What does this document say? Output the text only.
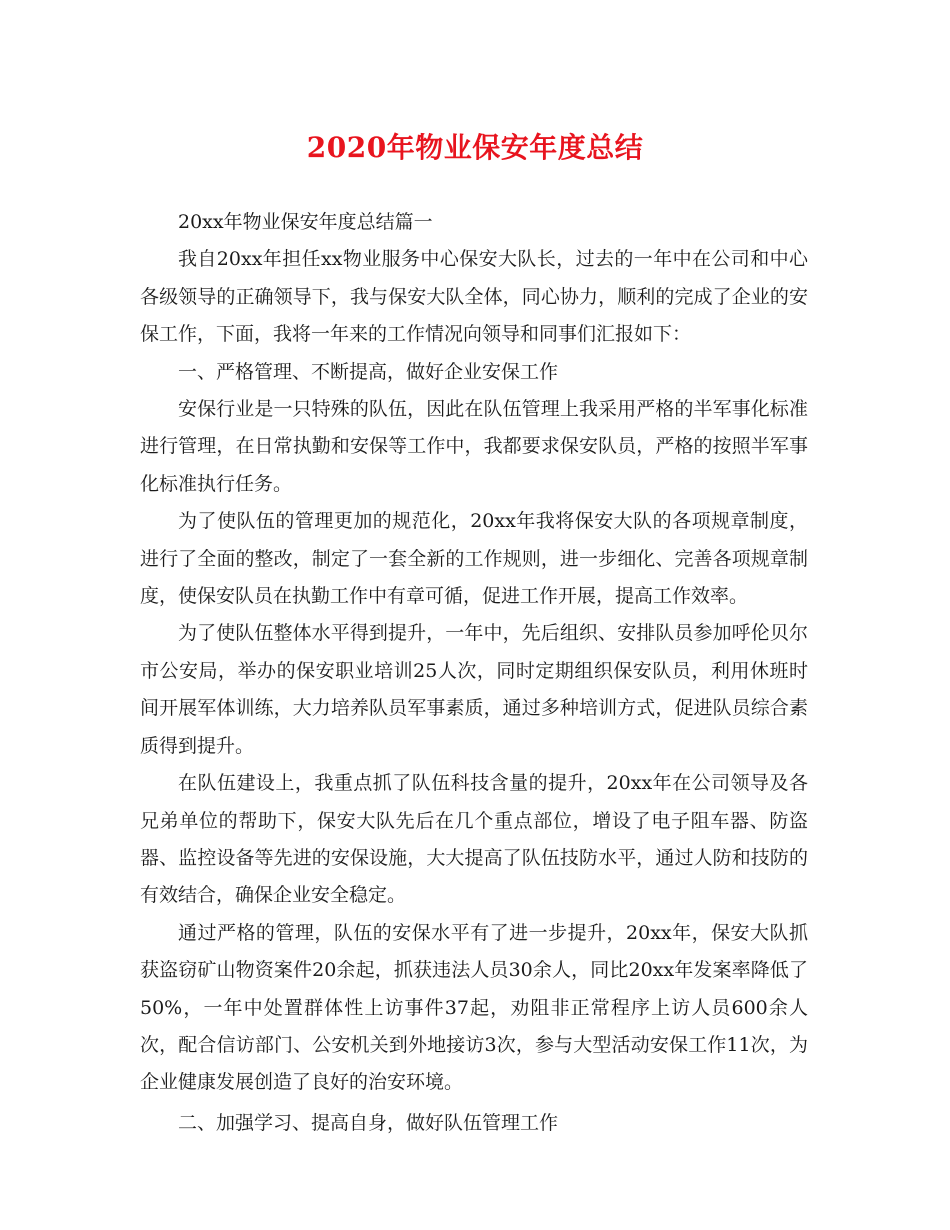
2020年物业保安年度总结

20xx年物业保安年度总结篇一

我自20xx年担任xx物业服务中心保安大队长，过去的一年中在公司和中心各级领导的正确领导下，我与保安大队全体，同心协力，顺利的完成了企业的安保工作，下面，我将一年来的工作情况向领导和同事们汇报如下：

一、严格管理、不断提高，做好企业安保工作

安保行业是一只特殊的队伍，因此在队伍管理上我采用严格的半军事化标准进行管理，在日常执勤和安保等工作中，我都要求保安队员，严格的按照半军事化标准执行任务。

为了使队伍的管理更加的规范化，20xx年我将保安大队的各项规章制度，进行了全面的整改，制定了一套全新的工作规则，进一步细化、完善各项规章制度，使保安队员在执勤工作中有章可循，促进工作开展，提高工作效率。

为了使队伍整体水平得到提升，一年中，先后组织、安排队员参加呼伦贝尔市公安局，举办的保安职业培训25人次，同时定期组织保安队员，利用休班时间开展军体训练，大力培养队员军事素质，通过多种培训方式，促进队员综合素质得到提升。

在队伍建设上，我重点抓了队伍科技含量的提升，20xx年在公司领导及各兄弟单位的帮助下，保安大队先后在几个重点部位，增设了电子阻车器、防盗器、监控设备等先进的安保设施，大大提高了队伍技防水平，通过人防和技防的有效结合，确保企业安全稳定。

通过严格的管理，队伍的安保水平有了进一步提升，20xx年，保安大队抓获盗窃矿山物资案件20余起，抓获违法人员30余人，同比20xx年发案率降低了50%，一年中处置群体性上访事件37起，劝阻非正常程序上访人员600余人次，配合信访部门、公安机关到外地接访3次，参与大型活动安保工作11次，为企业健康发展创造了良好的治安环境。

二、加强学习、提高自身，做好队伍管理工作
